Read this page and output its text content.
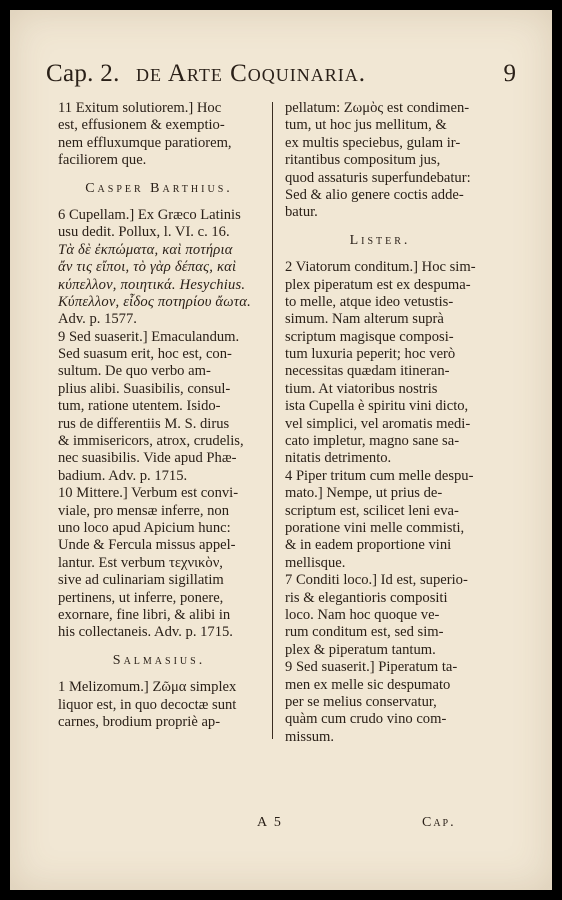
Cap. 2. de Arte Coquinaria.	9
11 Exitum solutiorem.] Hoc
est, effusionem & exemptio-
nem effluxumque paratiorem,
faciliorem que.
Casper Barthius.
6 Cupellam.] Ex Græco Latinis
usu dedit. Pollux, l. VI. c. 16.
Τὰ δὲ ἐκπώματα, καὶ ποτήρια
ἄν τις εἴποι, τὸ γὰρ δέπας, καὶ
κύπελλον, ποιητικά. Hesychius.
Κύπελλον, εἶδος ποτηρίου ἄωτα.
Adv. p. 1577.
9 Sed suaserit.] Emaculandum.
Sed suasum erit, hoc est, con-
sultum. De quo verbo am-
plius alibi. Suasibilis, consul-
tum, ratione utentem. Isido-
rus de differentiis M. S. dirus
& immisericors, atrox, crudelis,
nec suasibilis. Vide apud Phæ-
badium. Adv. p. 1715.
10 Mittere.] Verbum est convi-
viale, pro mensæ inferre, non
uno loco apud Apicium hunc:
Unde & Fercula missus appel-
lantur. Est verbum τεχνικὸν,
sive ad culinariam sigillatim
pertinens, ut inferre, ponere,
exornare, fine libri, & alibi in
his collectaneis. Adv. p. 1715.
Salmasius.
1 Melizomum.] Ζῶμα simplex
liquor est, in quo decoctæ sunt
carnes, brodium propriè ap-
pellatum: Ζωμὸς est condimen-
tum, ut hoc jus mellitum, &
ex multis speciebus, gulam ir-
ritantibus compositum jus,
quod assaturis superfundebatur:
Sed & alio genere coctis adde-
batur.
Lister.
2 Viatorum conditum.] Hoc sim-
plex piperatum est ex despuma-
to melle, atque ideo vetustis-
simum. Nam alterum suprà
scriptum magisque composi-
tum luxuria peperit; hoc verò
necessitas quædam itineran-
tium. At viatoribus nostris
ista Cupella è spiritu vini dicto,
vel simplici, vel aromatis medi-
cato impletur, magno sane sa-
nitatis detrimento.
4 Piper tritum cum melle despu-
mato.] Nempe, ut prius de-
scriptum est, scilicet leni eva-
poratione vini melle commisti,
& in eadem proportione vini
mellisque.
7 Conditi loco.] Id est, superio-
ris & elegantioris compositi
loco. Nam hoc quoque ve-
rum conditum est, sed sim-
plex & piperatum tantum.
9 Sed suaserit.] Piperatum ta-
men ex melle sic despumato
per se melius conservatur,
quàm cum crudo vino com-
missum.
A 5	Cap.
